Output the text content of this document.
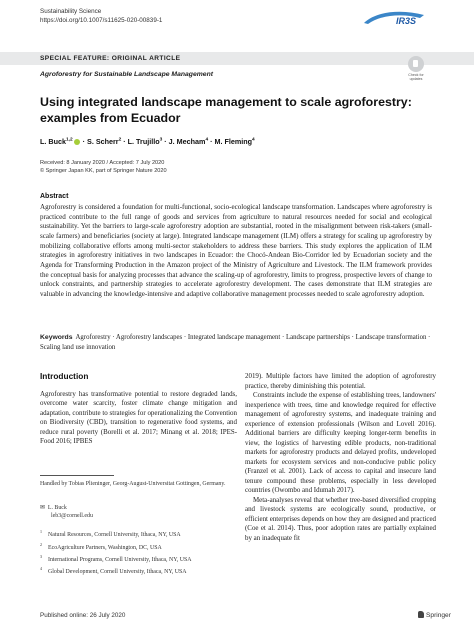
Sustainability Science
https://doi.org/10.1007/s11625-020-00839-1	IR3S
SPECIAL FEATURE: ORIGINAL ARTICLE
Agroforestry for Sustainable Landscape Management	Check for updates
Using integrated landscape management to scale agroforestry:
examples from Ecuador
L. Buck$^{1,2}$ · S. Scherr$^2$ · L. Trujillo$^3$ · J. Mecham$^4$ · M. Fleming$^4$
Received: 8 January 2020 / Accepted: 7 July 2020
© Springer Japan KK, part of Springer Nature 2020
Abstract
Agroforestry is considered a foundation for multi-functional, socio-ecological landscape transformation. Landscapes where agroforestry is practiced contribute to the full range of goods and services from agriculture to natural resources needed for social and ecological sustainability. Yet the barriers to large-scale agroforestry adoption are substantial, rooted in the misalignment between risk-takers (small-scale farmers) and beneficiaries (society at large). Integrated landscape management (ILM) offers a strategy for scaling up agroforestry by mobilizing collaborative efforts among multi-sector stakeholders to address these barriers. This study explores the application of ILM strategies in agroforestry initiatives in two landscapes in Ecuador: the Chocó-Andean Bio-Corridor led by Ecuadorian society and the Agenda for Transforming Production in the Amazon project of the Ministry of Agriculture and Livestock. The ILM framework provides the conceptual basis for analyzing processes that advance the scaling-up of agroforestry, limits to progress, prospective levers of change to unlock constraints, and partnership strategies to accelerate agroforestry development. The cases demonstrate that ILM strategies are valuable in advancing the knowledge-intensive and adaptive collaborative management processes needed to scale agroforestry adoption.
Keywords Agroforestry · Agroforestry landscapes · Integrated landscape management · Landscape partnerships · Landscape transformation · Scaling land use innovation
Introduction
Agroforestry has transformative potential to restore degraded lands, overcome water scarcity, foster climate change mitigation and adaptation, contribute to strategies for operationalizing the Convention on Biodiversity (CBD), transition to regenerative food systems, and reduce rural poverty (Borelli et al. 2017; Minang et al. 2018; IPES-Food 2016; IPBES

2019). Multiple factors have limited the adoption of agroforestry practice, thereby diminishing this potential.

Constraints include the expense of establishing trees, landowners' inexperience with trees, time and knowledge required for effective management of agroforestry systems, and inadequate training and experience of extension professionals (Wilson and Lovell 2016). Additional barriers are difficulty keeping longer-term benefits in view, the logistics of harvesting edible products, non-traditional markets for agroforestry products and delayed profits, undeveloped markets for ecosystem services and non-conducive public policy (Franzel et al. 2001). Lack of access to capital and insecure land tenure compound these problems, especially in less developed countries (Owombo and Idumah 2017).

Meta-analyses reveal that whether tree-based diversified cropping and livestock systems are ecologically sound, productive, or efficient enterprises depends on how they are designed and practiced (Coe et al. 2014). Thus, poor adoption rates are partially explained by an inadequate fit

Handled by Tobias Plieninger, Georg-August-Universitat Gottingen, Germany.
✉ L. Buck
leb3@cornell.edu
$^1$Natural Resources, Cornell University, Ithaca, NY, USA
$^2$EcoAgriculture Partners, Washington, DC, USA
$^3$International Programs, Cornell University, Ithaca, NY, USA
$^4$Global Development, Cornell University, Ithaca, NY, USA
Published online: 26 July 2020	Springer
